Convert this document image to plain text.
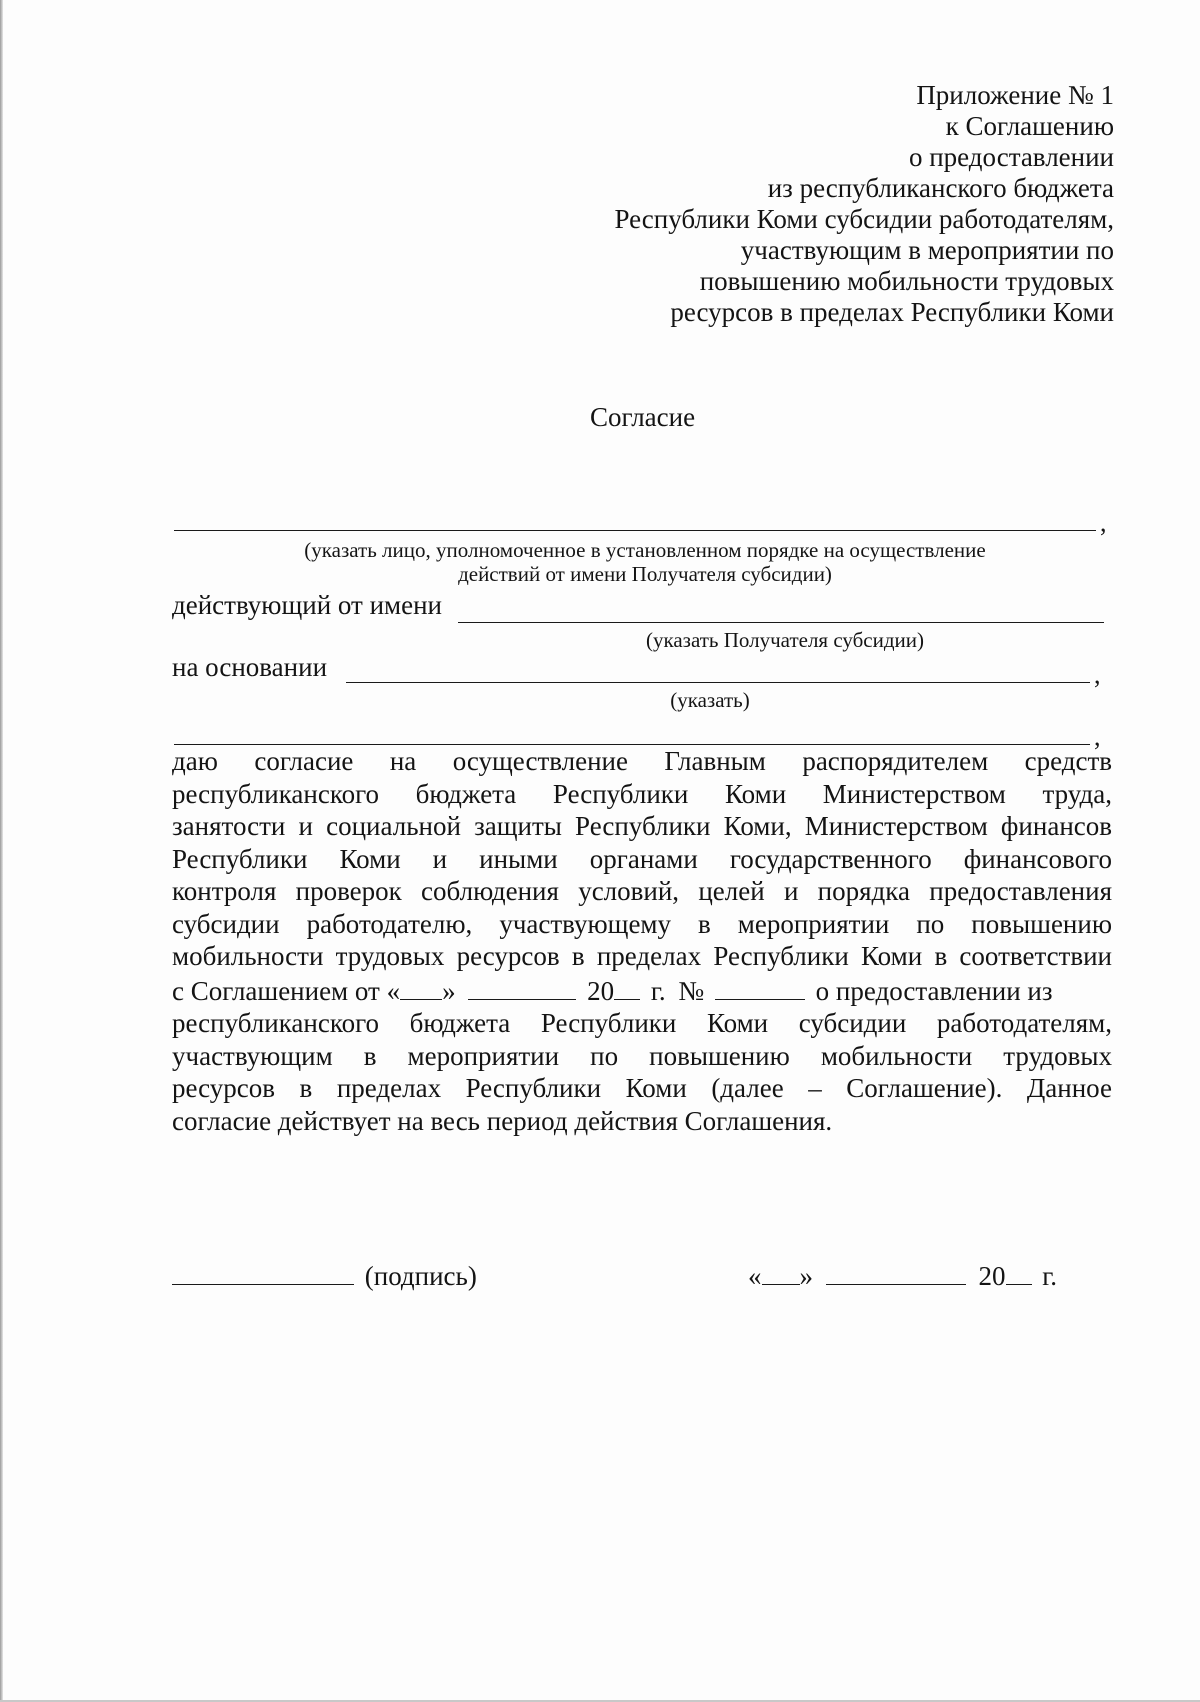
Приложение № 1
к Соглашению
о предоставлении
из республиканского бюджета
Республики Коми субсидии работодателям,
участвующим в мероприятии по
повышению мобильности трудовых
ресурсов в пределах Республики Коми
Согласие
,
(указать лицо, уполномоченное в установленном порядке на осуществление
действий от имени Получателя субсидии)
действующий от имени
(указать Получателя субсидии)
на основании	,
(указать)
,
даю согласие на осуществление Главным распорядителем средств
республиканского бюджета Республики Коми Министерством труда,
занятости и социальной защиты Республики Коми, Министерством финансов
Республики Коми и иными органами государственного финансового
контроля проверок соблюдения условий, целей и порядка предоставления
субсидии работодателю, участвующему в мероприятии по повышению
мобильности трудовых ресурсов в пределах Республики Коми в соответствии
с Соглашением от « »	20 г. №	о предоставлении из
республиканского бюджета Республики Коми субсидии работодателям,
участвующим в мероприятии по повышению мобильности трудовых
ресурсов в пределах Республики Коми (далее – Соглашение). Данное
согласие действует на весь период действия Соглашения.
(подпись)	« »	20 г.
